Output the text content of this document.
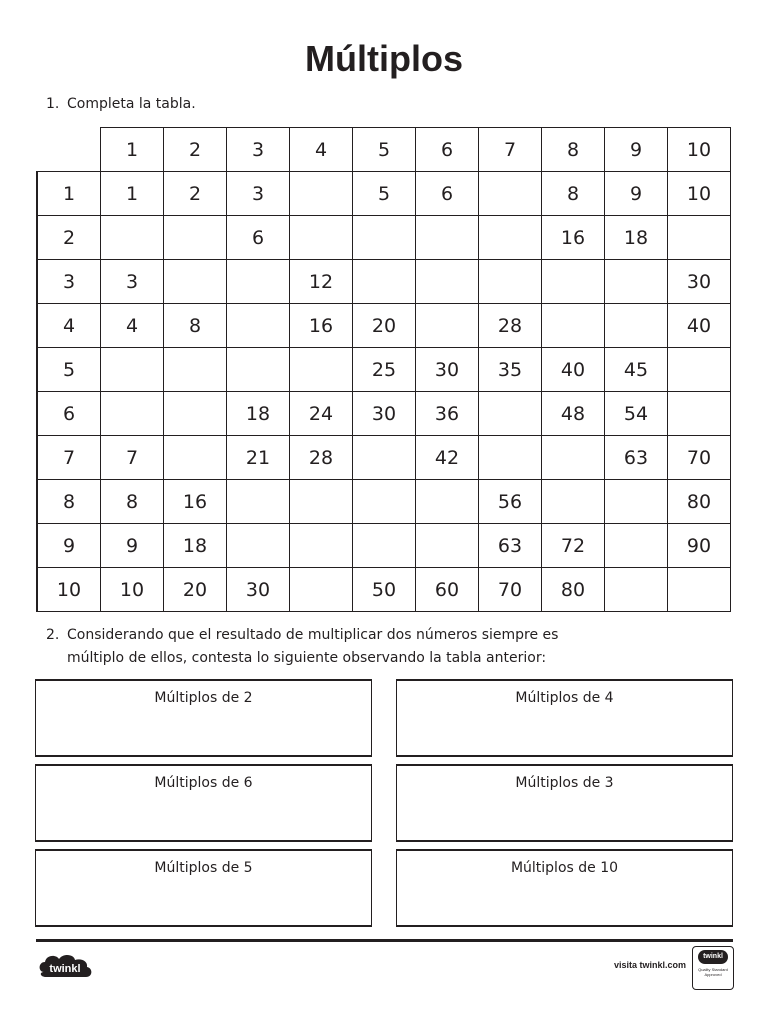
Múltiplos
1. Completa la tabla.
	1	2	3	4	5	6	7	8	9	10
1	1	2	3		5	6		8	9	10
2			6					16	18	
3	3			12						30
4	4	8		16	20		28			40
5					25	30	35	40	45	
6			18	24	30	36		48	54	
7	7		21	28		42			63	70
8	8	16					56			80
9	9	18					63	72		90
10	10	20	30		50	60	70	80		
2. Considerando que el resultado de multiplicar dos números siempre es
múltiplo de ellos, contesta lo siguiente observando la tabla anterior:
Múltiplos de 2	Múltiplos de 4
Múltiplos de 6	Múltiplos de 3
Múltiplos de 5	Múltiplos de 10
twinkl	visita twinkl.com
twinkl
Quality Standard Approved
